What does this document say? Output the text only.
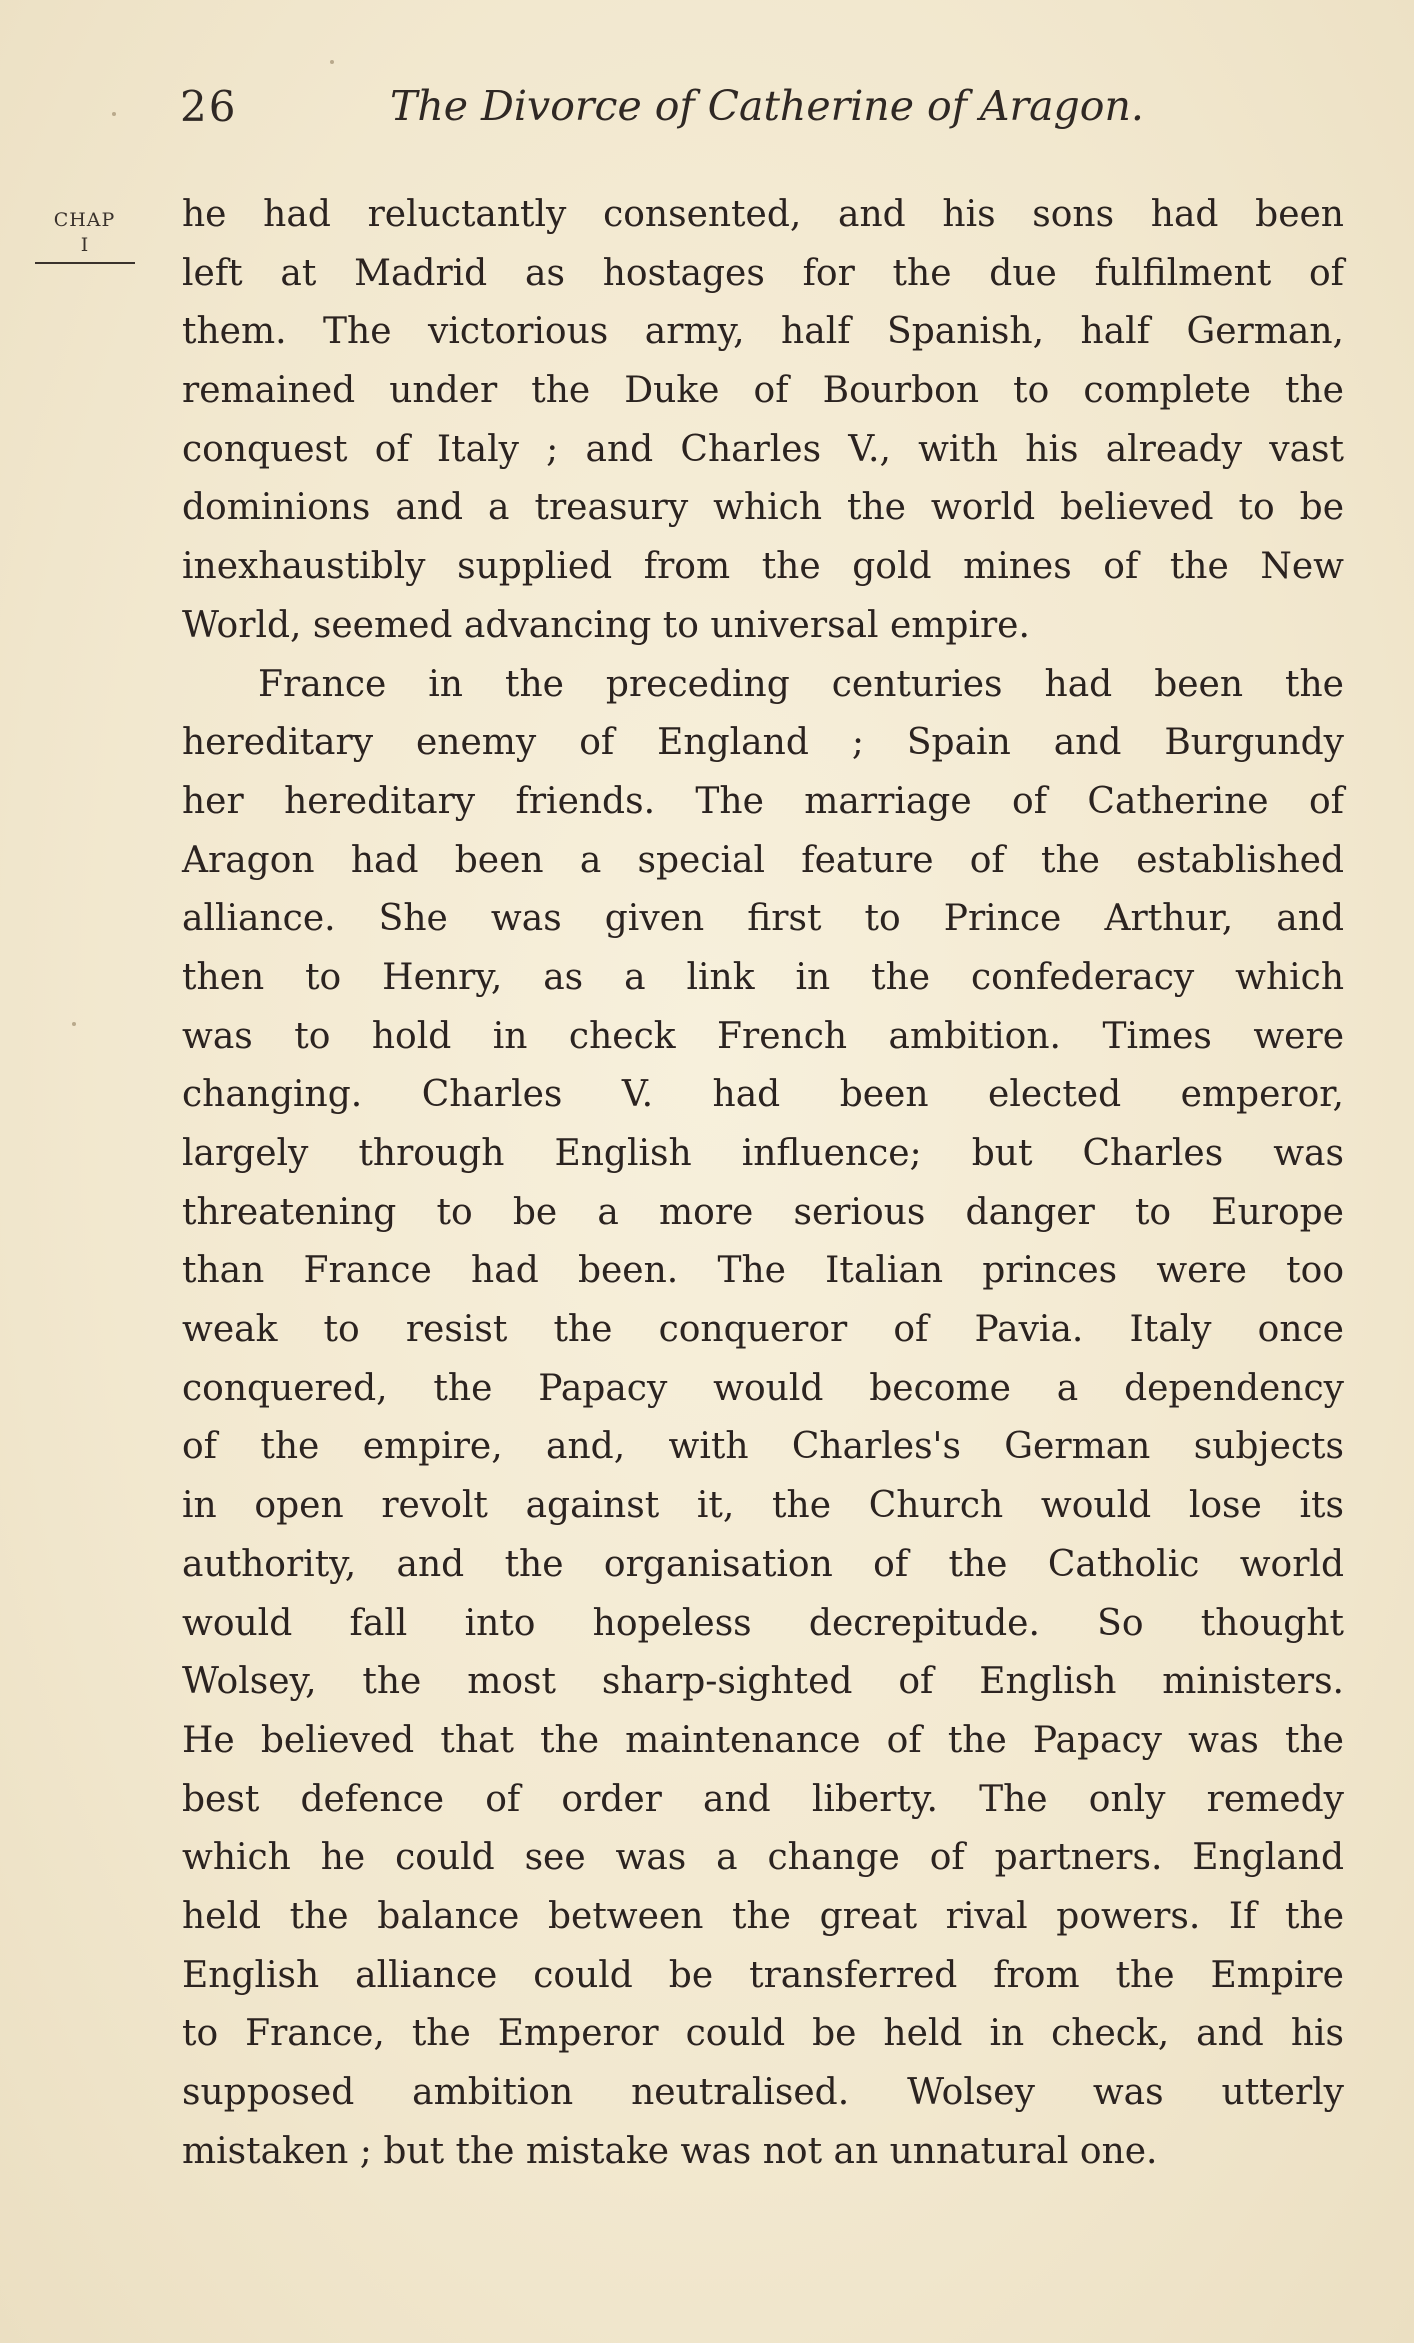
26	The Divorce of Catherine of Aragon.
CHAP
I
he had reluctantly consented, and his sons had been
left at Madrid as hostages for the due fulfilment of
them. The victorious army, half Spanish, half German,
remained under the Duke of Bourbon to complete the
conquest of Italy ; and Charles V., with his already vast
dominions and a treasury which the world believed to be
inexhaustibly supplied from the gold mines of the New
World, seemed advancing to universal empire.
France in the preceding centuries had been the
hereditary enemy of England ; Spain and Burgundy
her hereditary friends. The marriage of Catherine of
Aragon had been a special feature of the established
alliance. She was given first to Prince Arthur, and
then to Henry, as a link in the confederacy which
was to hold in check French ambition. Times were
changing. Charles V. had been elected emperor,
largely through English influence; but Charles was
threatening to be a more serious danger to Europe
than France had been. The Italian princes were too
weak to resist the conqueror of Pavia. Italy once
conquered, the Papacy would become a dependency
of the empire, and, with Charles's German subjects
in open revolt against it, the Church would lose its
authority, and the organisation of the Catholic world
would fall into hopeless decrepitude. So thought
Wolsey, the most sharp-sighted of English ministers.
He believed that the maintenance of the Papacy was the
best defence of order and liberty. The only remedy
which he could see was a change of partners. England
held the balance between the great rival powers. If the
English alliance could be transferred from the Empire
to France, the Emperor could be held in check, and his
supposed ambition neutralised. Wolsey was utterly
mistaken ; but the mistake was not an unnatural one.
